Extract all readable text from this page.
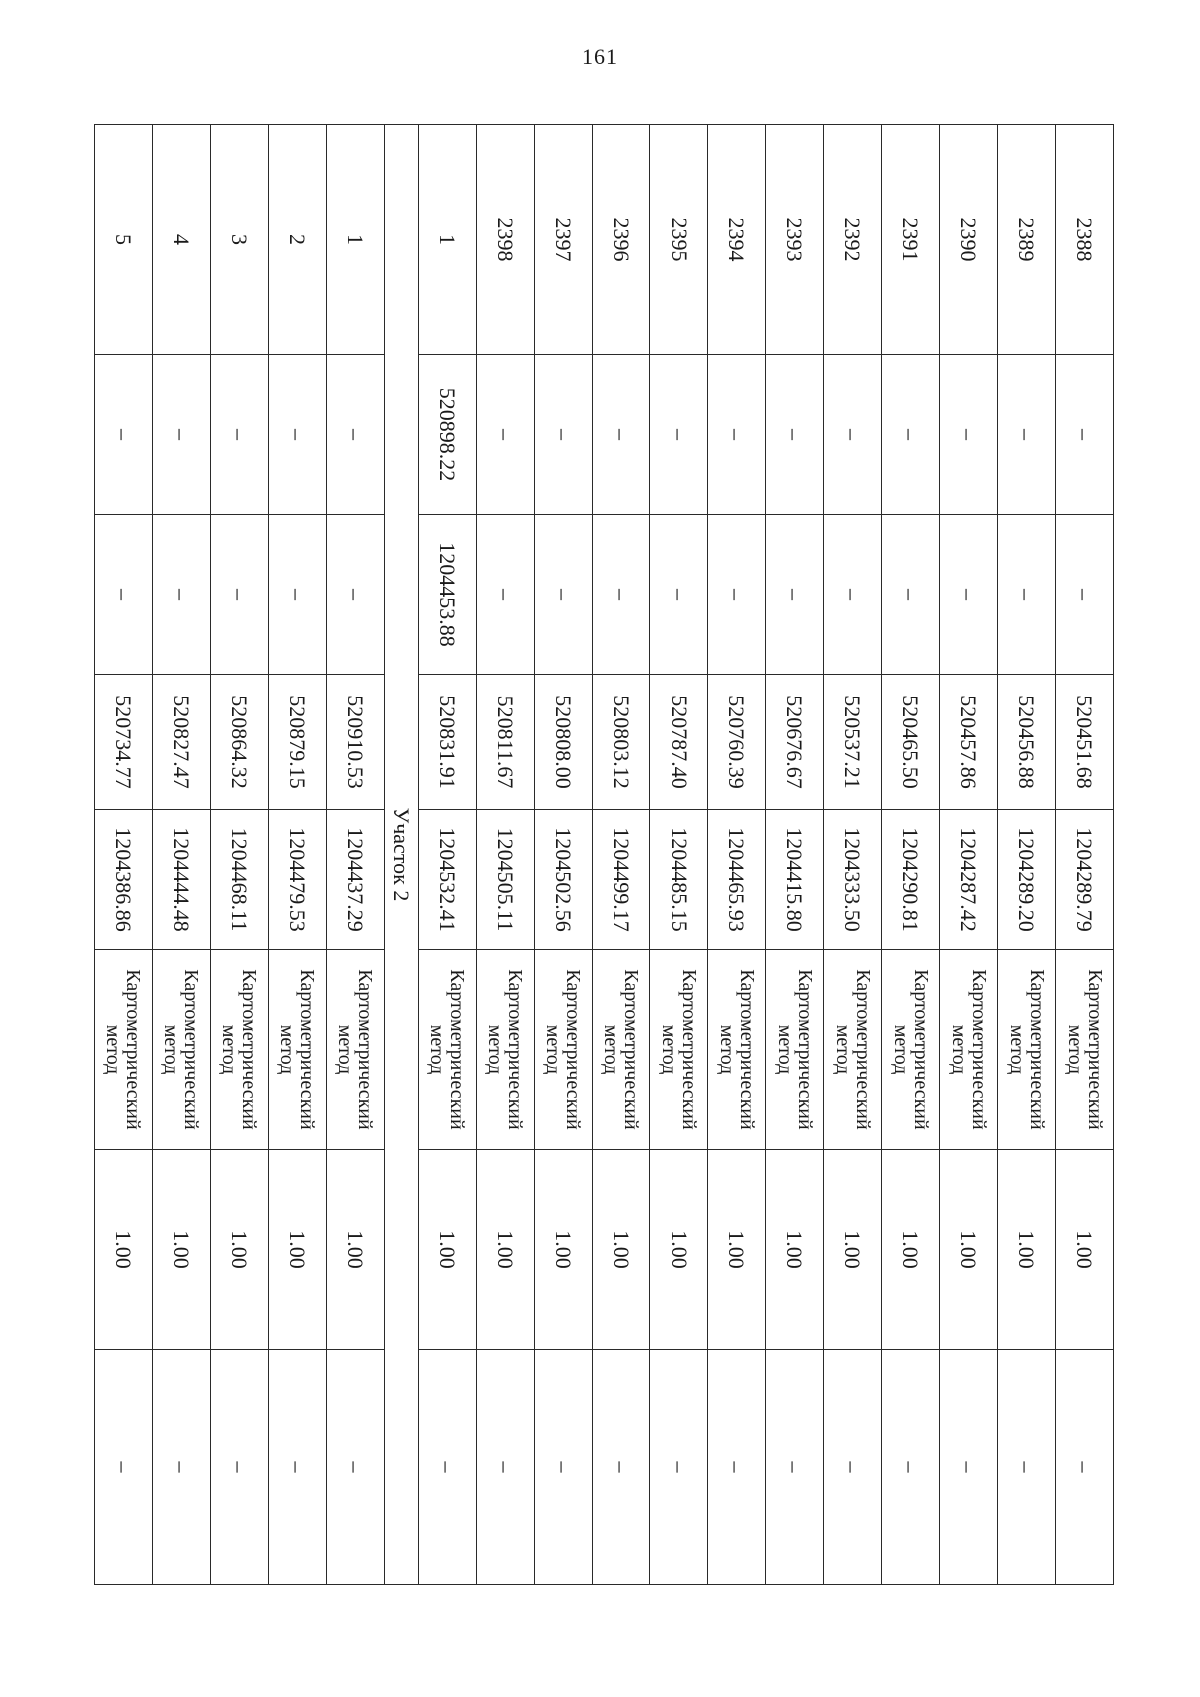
161
2388	–	–	520451.68	1204289.79	Картометрический метод	1.00	–
2389	–	–	520456.88	1204289.20	Картометрический метод	1.00	–
2390	–	–	520457.86	1204287.42	Картометрический метод	1.00	–
2391	–	–	520465.50	1204290.81	Картометрический метод	1.00	–
2392	–	–	520537.21	1204333.50	Картометрический метод	1.00	–
2393	–	–	520676.67	1204415.80	Картометрический метод	1.00	–
2394	–	–	520760.39	1204465.93	Картометрический метод	1.00	–
2395	–	–	520787.40	1204485.15	Картометрический метод	1.00	–
2396	–	–	520803.12	1204499.17	Картометрический метод	1.00	–
2397	–	–	520808.00	1204502.56	Картометрический метод	1.00	–
2398	–	–	520811.67	1204505.11	Картометрический метод	1.00	–
1	520898.22	1204453.88	520831.91	1204532.41	Картометрический метод	1.00	–
Участок 2							
1	–	–	520910.53	1204437.29	Картометрический метод	1.00	–
2	–	–	520879.15	1204479.53	Картометрический метод	1.00	–
3	–	–	520864.32	1204468.11	Картометрический метод	1.00	–
4	–	–	520827.47	1204444.48	Картометрический метод	1.00	–
5	–	–	520734.77	1204386.86	Картометрический метод	1.00	–
